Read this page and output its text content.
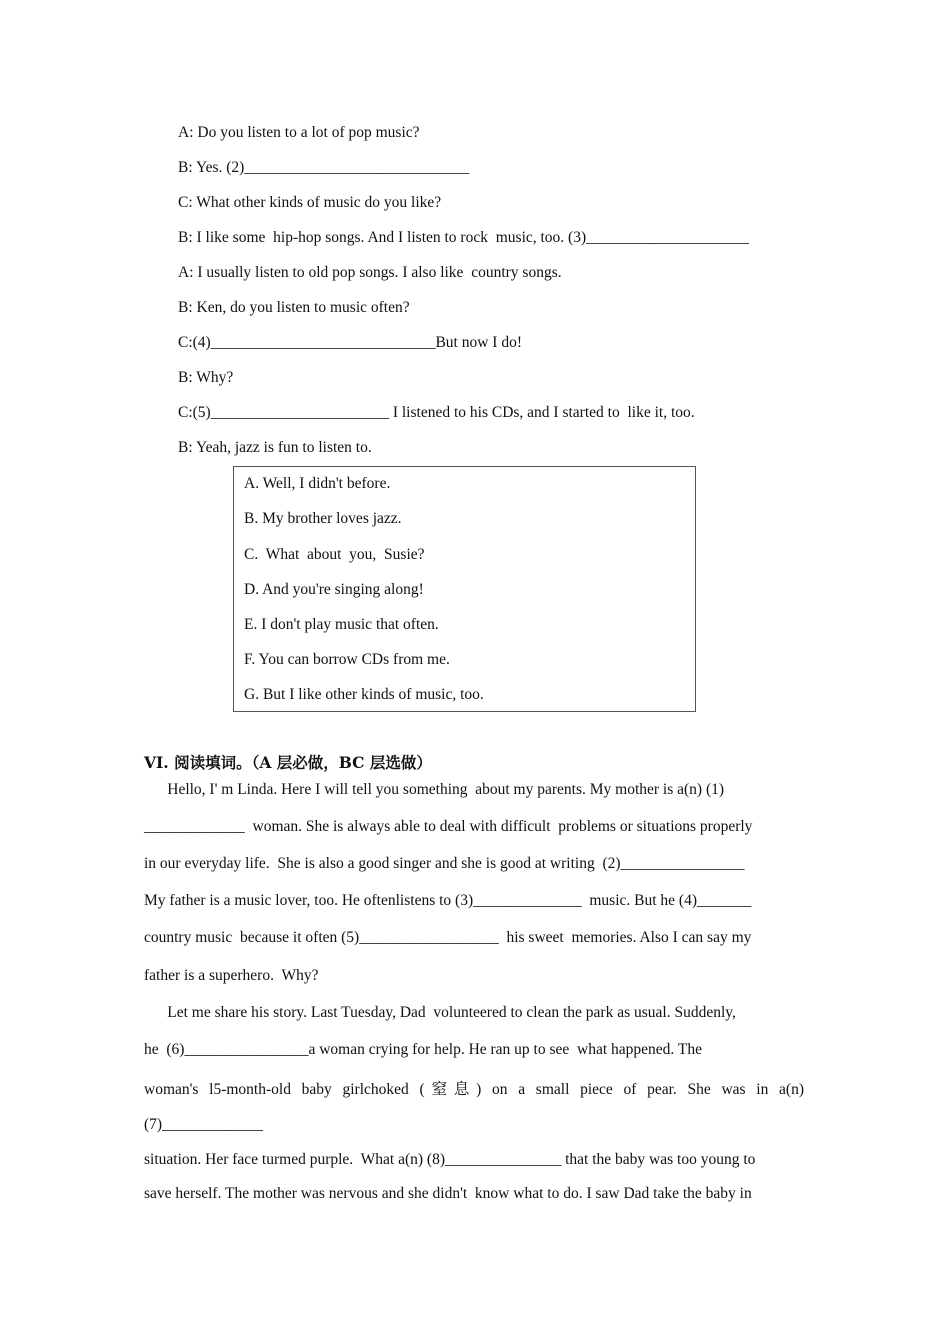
A: Do you listen to a lot of pop music?
B: Yes. (2)_____________________________
C: What other kinds of music do you like?
B: I like some  hip-hop songs. And I listen to rock  music, too. (3)_____________________
A: I usually listen to old pop songs. I also like  country songs.
B: Ken, do you listen to music often?
C:(4)_____________________________But now I do!
B: Why?
C:(5)_______________________ I listened to his CDs, and I started to  like it, too.
B: Yeah, jazz is fun to listen to.
A. Well, I didn't before.
B. My brother loves jazz.
C.  What  about  you,  Susie?
D. And you're singing along!
E. I don't play music that often.
F. You can borrow CDs from me.
G. But I like other kinds of music, too.
VI. 阅读填词。（A 层必做，BC 层选做）
Hello, I' m Linda. Here I will tell you something  about my parents. My mother is a(n) (1)
_____________  woman. She is always able to deal with difficult  problems or situations properly
in our everyday life.  She is also a good singer and she is good at writing  (2)________________
My father is a music lover, too. He oftenlistens to (3)______________  music. But he (4)_______
country music  because it often (5)__________________  his sweet  memories. Also I can say my
father is a superhero.  Why?
Let me share his story. Last Tuesday, Dad  volunteered to clean the park as usual. Suddenly,
he  (6)________________a woman crying for help. He ran up to see  what happened. The
woman's l5-month-old baby girlchoked (窒息) on a small piece of pear. She was in a(n)
(7)_____________
situation. Her face turmed purple.  What a(n) (8)_______________ that the baby was too young to
save herself. The mother was nervous and she didn't  know what to do. I saw Dad take the baby in
